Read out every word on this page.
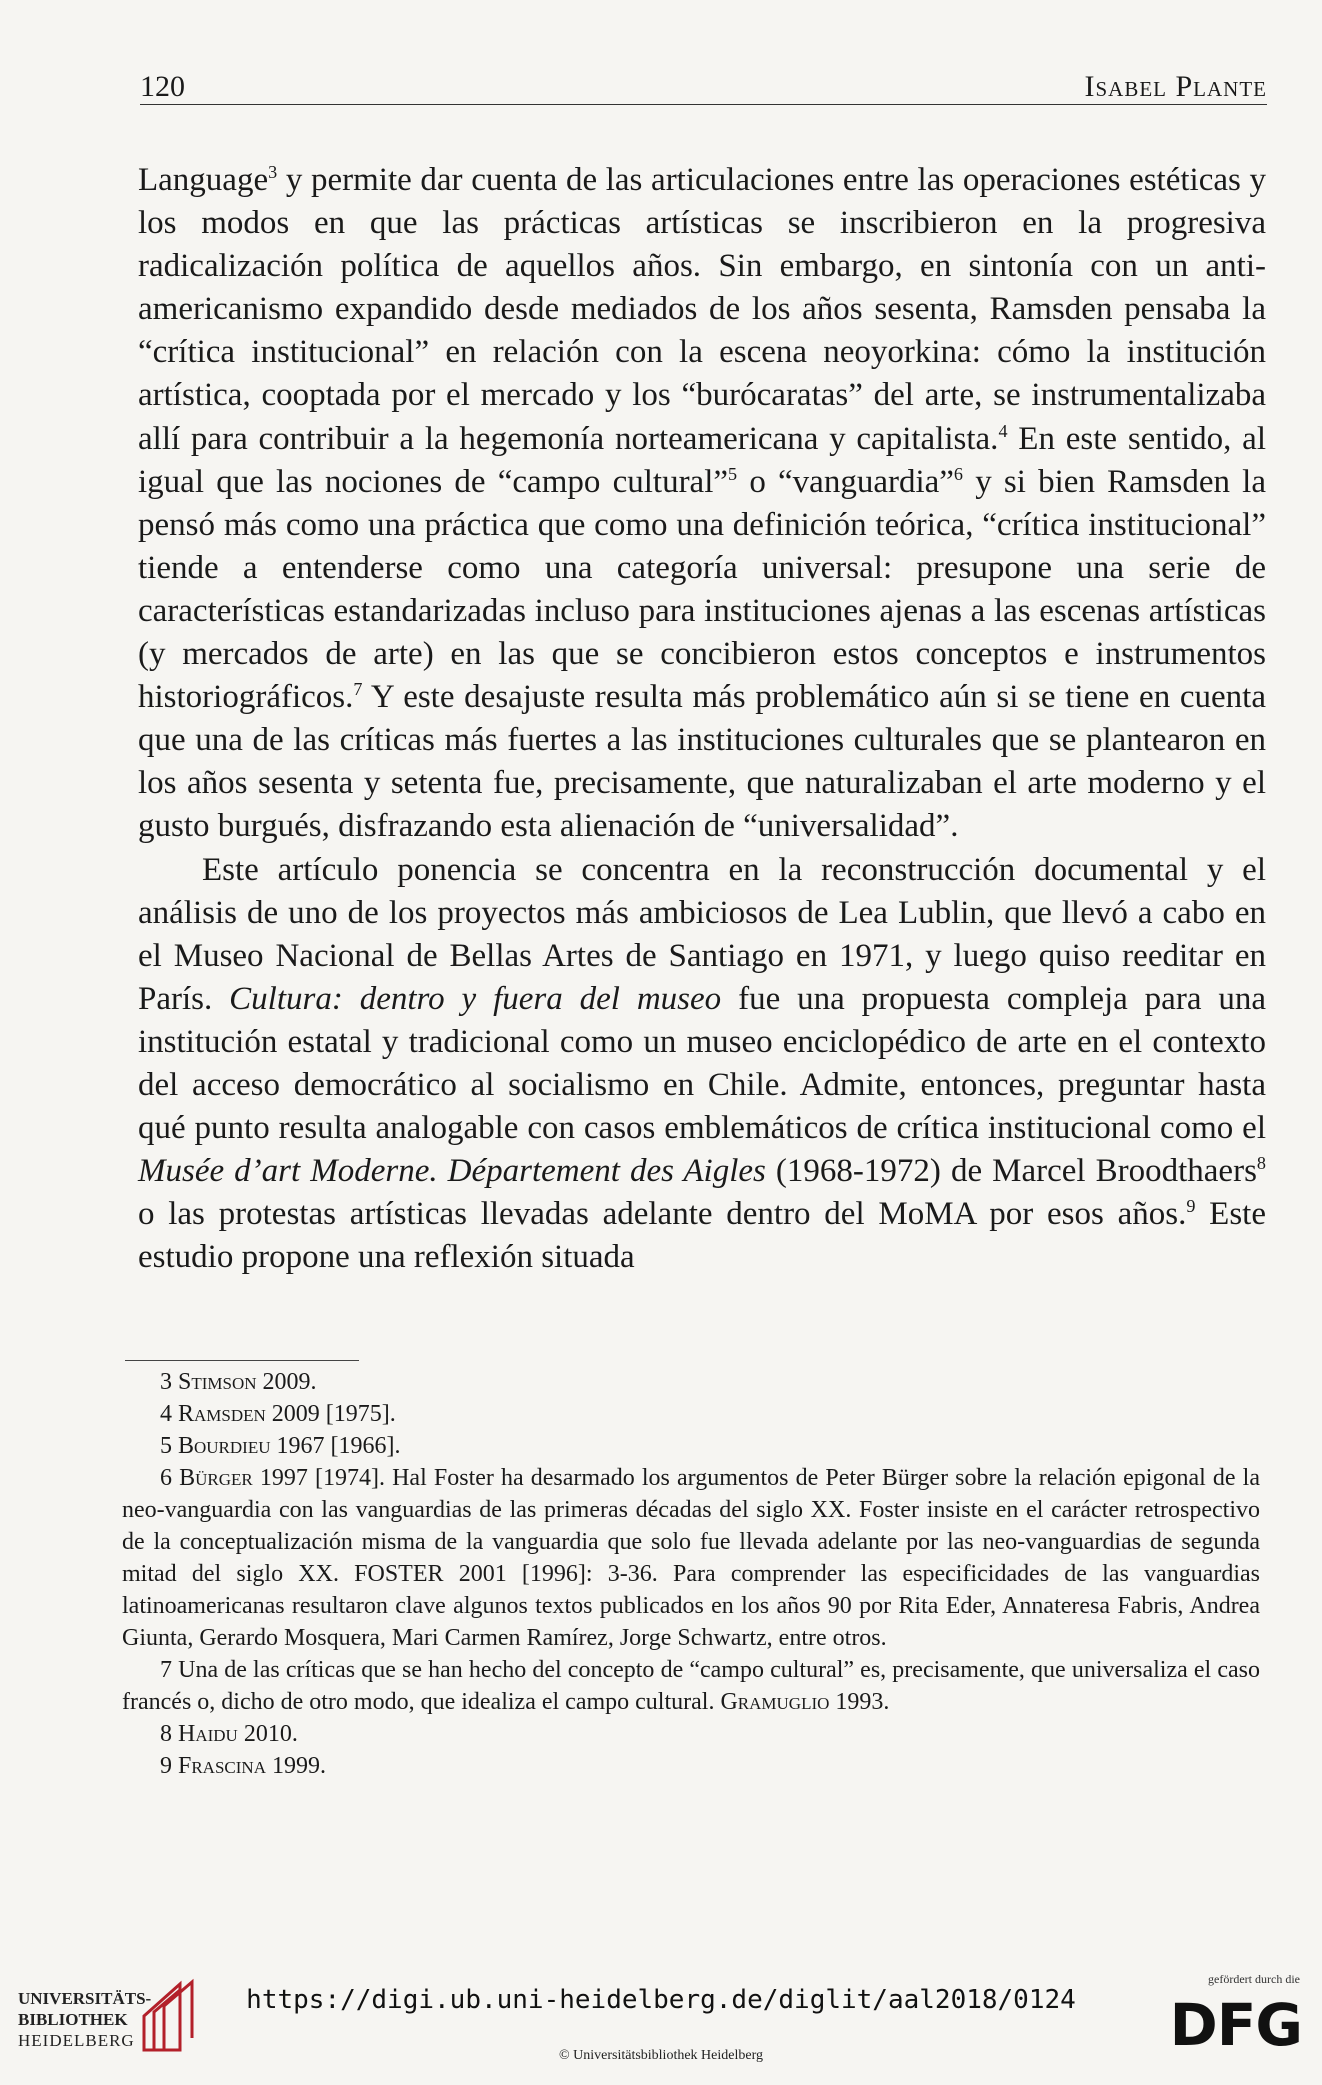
120	Isabel Plante

Language$^3$ y permite dar cuenta de las articulaciones entre las operaciones estéticas y los modos en que las prácticas artísticas se inscribieron en la progresiva radicalización política de aquellos años. Sin embargo, en sintonía con un anti-americanismo expandido desde mediados de los años sesenta, Ramsden pensaba la “crítica institucional” en relación con la escena neoyorkina: cómo la institución artística, cooptada por el mercado y los “burócaratas” del arte, se instrumentalizaba allí para contribuir a la hegemonía norteamericana y capitalista.$^4$ En este sentido, al igual que las nociones de “campo cultural”$^5$ o “vanguardia”$^6$ y si bien Ramsden la pensó más como una práctica que como una definición teórica, “crítica institucional” tiende a entenderse como una categoría universal: presupone una serie de características estandarizadas incluso para instituciones ajenas a las escenas artísticas (y mercados de arte) en las que se concibieron estos conceptos e instrumentos historiográficos.$^7$ Y este desajuste resulta más problemático aún si se tiene en cuenta que una de las críticas más fuertes a las instituciones culturales que se plantearon en los años sesenta y setenta fue, precisamente, que naturalizaban el arte moderno y el gusto burgués, disfrazando esta alienación de “universalidad”.

Este artículo ponencia se concentra en la reconstrucción documental y el análisis de uno de los proyectos más ambiciosos de Lea Lublin, que llevó a cabo en el Museo Nacional de Bellas Artes de Santiago en 1971, y luego quiso reeditar en París. Cultura: dentro y fuera del museo fue una propuesta compleja para una institución estatal y tradicional como un museo enciclopédico de arte en el contexto del acceso democrático al socialismo en Chile. Admite, entonces, preguntar hasta qué punto resulta analogable con casos emblemáticos de crítica institucional como el Musée d’art Moderne. Département des Aigles (1968-1972) de Marcel Broodthaers$^8$ o las protestas artísticas llevadas adelante dentro del MoMA por esos años.$^9$ Este estudio propone una reflexión situada

3 Stimson 2009.

4 Ramsden 2009 [1975].

5 Bourdieu 1967 [1966].

6 Bürger 1997 [1974]. Hal Foster ha desarmado los argumentos de Peter Bürger sobre la relación epigonal de la neo-vanguardia con las vanguardias de las primeras décadas del siglo XX. Foster insiste en el carácter retrospectivo de la conceptualización misma de la vanguardia que solo fue llevada adelante por las neo-vanguardias de segunda mitad del siglo XX. FOSTER 2001 [1996]: 3-36. Para comprender las especificidades de las vanguardias latinoamericanas resultaron clave algunos textos publicados en los años 90 por Rita Eder, Annateresa Fabris, Andrea Giunta, Gerardo Mosquera, Mari Carmen Ramírez, Jorge Schwartz, entre otros.

7 Una de las críticas que se han hecho del concepto de “campo cultural” es, precisamente, que universaliza el caso francés o, dicho de otro modo, que idealiza el campo cultural. Gramuglio 1993.

8 Haidu 2010.

9 Frascina 1999.

UNIVERSITÄTS-
BIBLIOTHEK
HEIDELBERG
https://digi.ub.uni-heidelberg.de/diglit/aal2018/0124
© Universitätsbibliothek Heidelberg
gefördert durch die
DFG
